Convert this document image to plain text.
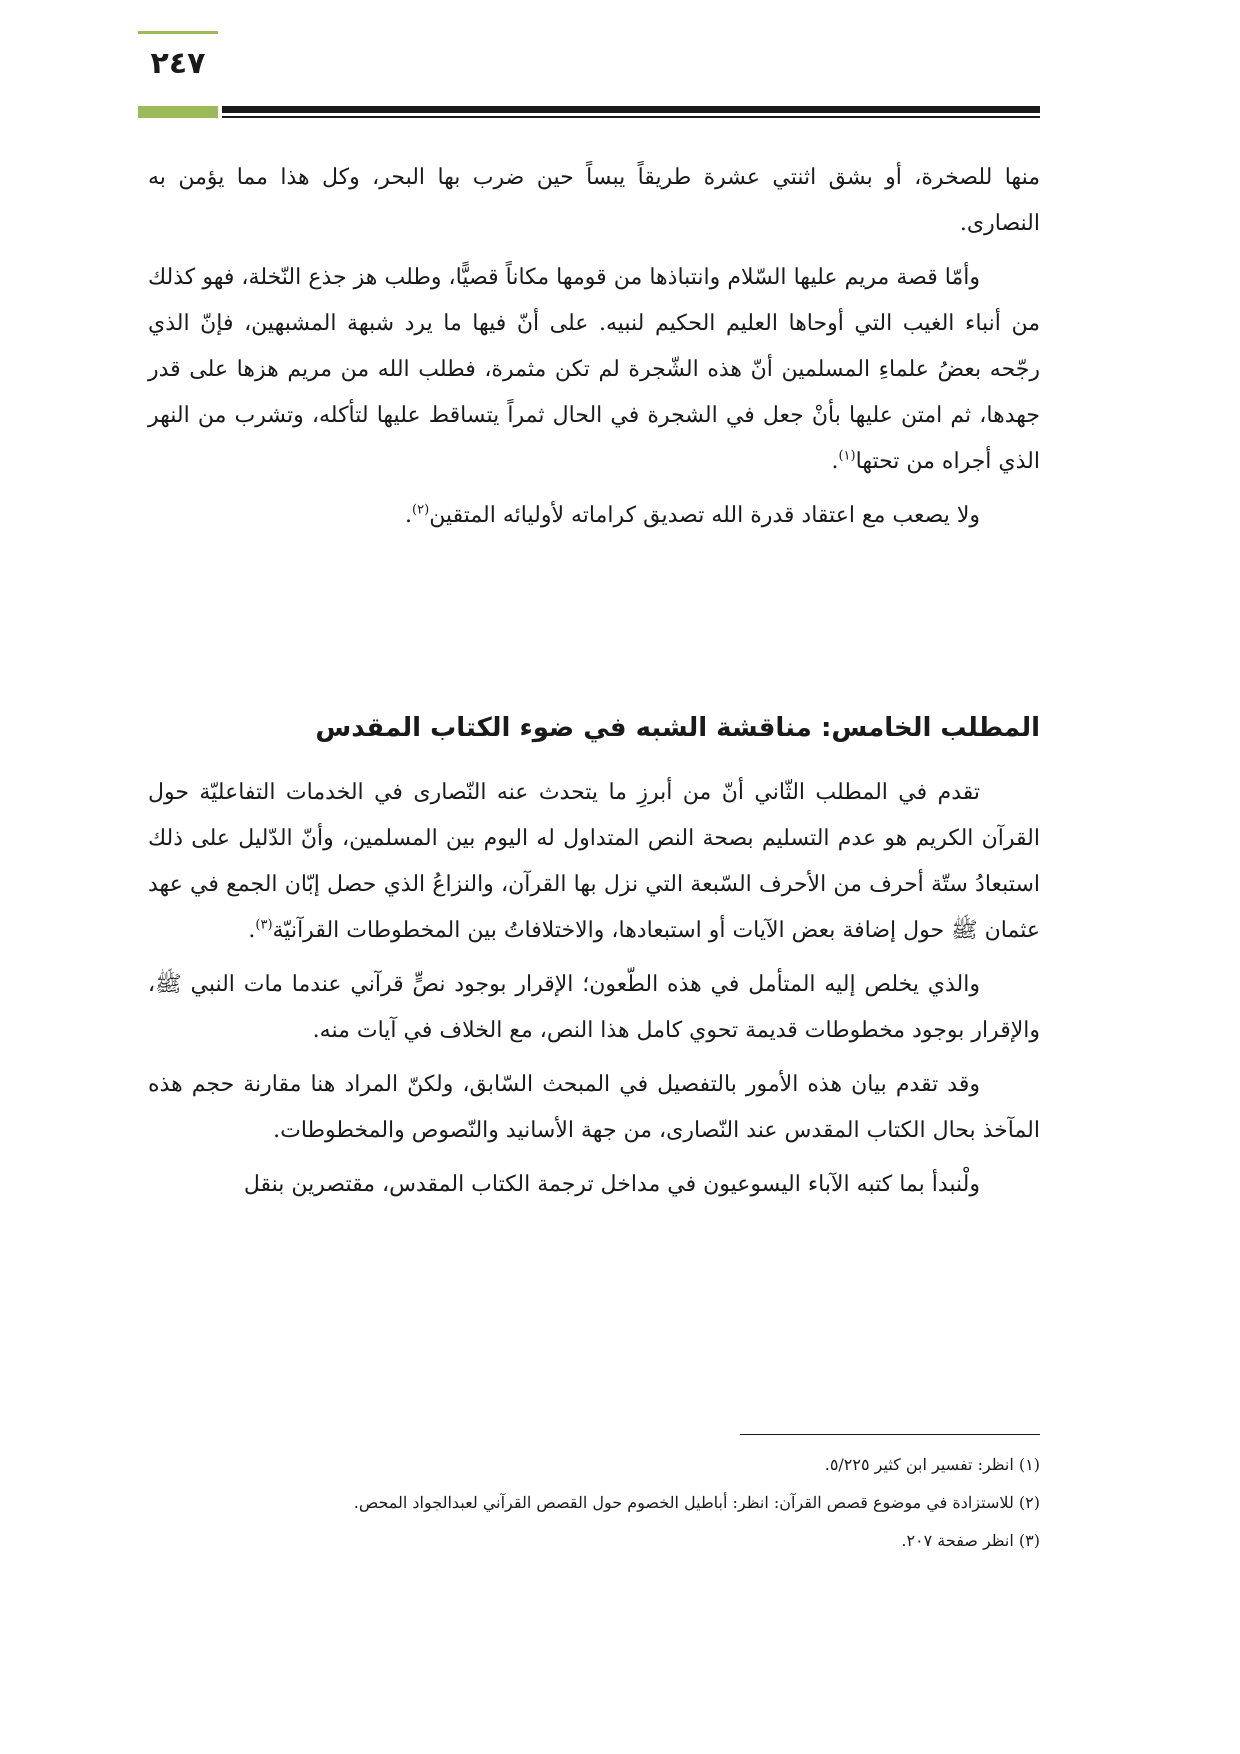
٢٤٧

منها للصخرة، أو بشق اثنتي عشرة طريقاً يبساً حين ضرب بها البحر، وكل هذا مما يؤمن به النصارى.

وأمّا قصة مريم عليها السّلام وانتباذها من قومها مكاناً قصيًّا، وطلب هز جذع النّخلة، فهو كذلك من أنباء الغيب التي أوحاها العليم الحكيم لنبيه. على أنّ فيها ما يرد شبهة المشبهين، فإنّ الذي رجّحه بعضُ علماءِ المسلمين أنّ هذه الشّجرة لم تكن مثمرة، فطلب الله من مريم هزها على قدر جهدها، ثم امتن عليها بأنْ جعل في الشجرة في الحال ثمراً يتساقط عليها لتأكله، وتشرب من النهر الذي أجراه من تحتها$^{(١)}$.

ولا يصعب مع اعتقاد قدرة الله تصديق كراماته لأوليائه المتقين$^{(٢)}$.

المطلب الخامس: مناقشة الشبه في ضوء الكتاب المقدس

تقدم في المطلب الثّاني أنّ من أبرزِ ما يتحدث عنه النّصارى في الخدمات التفاعليّة حول القرآن الكريم هو عدم التسليم بصحة النص المتداول له اليوم بين المسلمين، وأنّ الدّليل على ذلك استبعادُ ستّة أحرف من الأحرف السّبعة التي نزل بها القرآن، والنزاعُ الذي حصل إبّان الجمع في عهد عثمان ﷺ حول إضافة بعض الآيات أو استبعادها، والاختلافاتُ بين المخطوطات القرآنيّة$^{(٣)}$.

والذي يخلص إليه المتأمل في هذه الطّعون؛ الإقرار بوجود نصٍّ قرآني عندما مات النبي ﷺ، والإقرار بوجود مخطوطات قديمة تحوي كامل هذا النص، مع الخلاف في آيات منه.

وقد تقدم بيان هذه الأمور بالتفصيل في المبحث السّابق، ولكنّ المراد هنا مقارنة حجم هذه المآخذ بحال الكتاب المقدس عند النّصارى، من جهة الأسانيد والنّصوص والمخطوطات.

ولْنبدأ بما كتبه الآباء اليسوعيون في مداخل ترجمة الكتاب المقدس، مقتصرين بنقل

(١) انظر: تفسير ابن كثير ٥/٢٢٥.
(٢) للاستزادة في موضوع قصص القرآن: انظر: أباطيل الخصوم حول القصص القرآني لعبدالجواد المحص.
(٣) انظر صفحة ٢٠٧.
